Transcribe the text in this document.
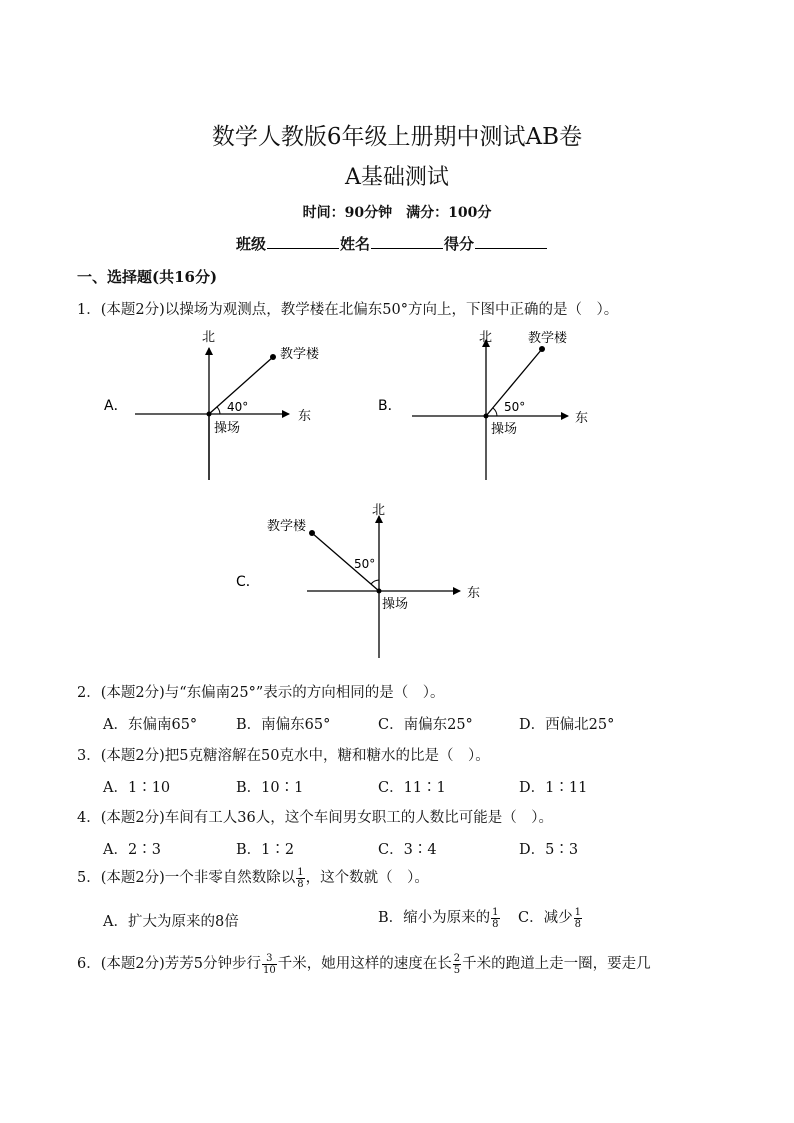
数学人教版6年级上册期中测试AB卷
A基础测试
时间：90分钟　满分：100分
班级	姓名	得分
一、选择题(共16分)
1．(本题2分)以操场为观测点，教学楼在北偏东50°方向上，下图中正确的是（　）。
A．
北
东
教学楼
操场
40°	B．
北
东
教学楼
操场
50°
C．
北
东
教学楼
操场
50°
2．(本题2分)与“东偏南25°”表示的方向相同的是（　）。
A．东偏南65°	B．南偏东65°	C．南偏东25°	D．西偏北25°
3．(本题2分)把5克糖溶解在50克水中，糖和糖水的比是（　）。
A．1∶10	B．10∶1	C．11∶1	D．1∶11
4．(本题2分)车间有工人36人，这个车间男女职工的人数比可能是（　）。
A．2∶3	B．1∶2	C．3∶4	D．5∶3
5．(本题2分)一个非零自然数除以 $\frac{1}{8}$ ，这个数就（　）。
A．扩大为原来的8倍	B．缩小为原来的 $\frac{1}{8}$ C．减少 $\frac{1}{8}$
6．(本题2分)芳芳5分钟步行 $\frac{3}{10}$ 千米，她用这样的速度在长 $\frac{2}{5}$ 千米的跑道上走一圈，要走几
